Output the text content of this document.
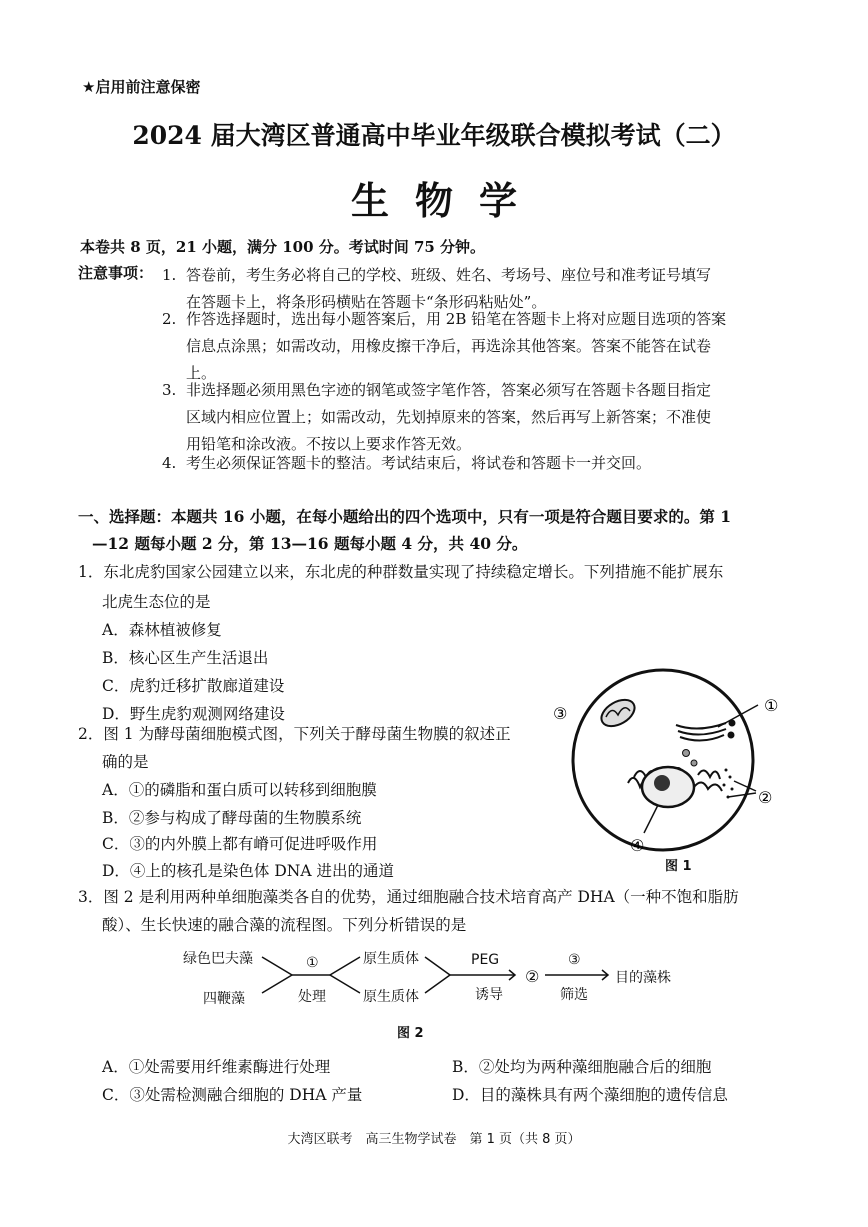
★启用前注意保密
2024 届大湾区普通高中毕业年级联合模拟考试（二）
生物学
本卷共 8 页，21 小题，满分 100 分。考试时间 75 分钟。
注意事项： 1. 答卷前，考生务必将自己的学校、班级、姓名、考场号、座位号和准考证号填写
在答题卡上，将条形码横贴在答题卡“条形码粘贴处”。
2. 作答选择题时，选出每小题答案后，用 2B 铅笔在答题卡上将对应题目选项的答案
信息点涂黑；如需改动，用橡皮擦干净后，再选涂其他答案。答案不能答在试卷
上。
3. 非选择题必须用黑色字迹的钢笔或签字笔作答，答案必须写在答题卡各题目指定
区域内相应位置上；如需改动，先划掉原来的答案，然后再写上新答案；不准使
用铅笔和涂改液。不按以上要求作答无效。
4. 考生必须保证答题卡的整洁。考试结束后，将试卷和答题卡一并交回。
一、选择题：本题共 16 小题，在每小题给出的四个选项中，只有一项是符合题目要求的。第 1
—12 题每小题 2 分，第 13—16 题每小题 4 分，共 40 分。
1．东北虎豹国家公园建立以来，东北虎的种群数量实现了持续稳定增长。下列措施不能扩展东
北虎生态位的是
A．森林植被修复
B．核心区生产生活退出
C．虎豹迁移扩散廊道建设
D．野生虎豹观测网络建设
2．图 1 为酵母菌细胞模式图，下列关于酵母菌生物膜的叙述正
确的是
A．①的磷脂和蛋白质可以转移到细胞膜
B．②参与构成了酵母菌的生物膜系统
C．③的内外膜上都有嵴可促进呼吸作用
D．④上的核孔是染色体 DNA 进出的通道
①
②
③
④
图 1
3．图 2 是利用两种单细胞藻类各自的优势，通过细胞融合技术培育高产 DHA（一种不饱和脂肪
酸）、生长快速的融合藻的流程图。下列分析错误的是
绿色巴夫藻
四鞭藻
①
处理
原生质体
原生质体
PEG
诱导
②
③
筛选
目的藻株
图 2
A．①处需要用纤维素酶进行处理	B．②处均为两种藻细胞融合后的细胞
C．③处需检测融合细胞的 DHA 产量	D．目的藻株具有两个藻细胞的遗传信息
大湾区联考　高三生物学试卷　第 1 页（共 8 页）
